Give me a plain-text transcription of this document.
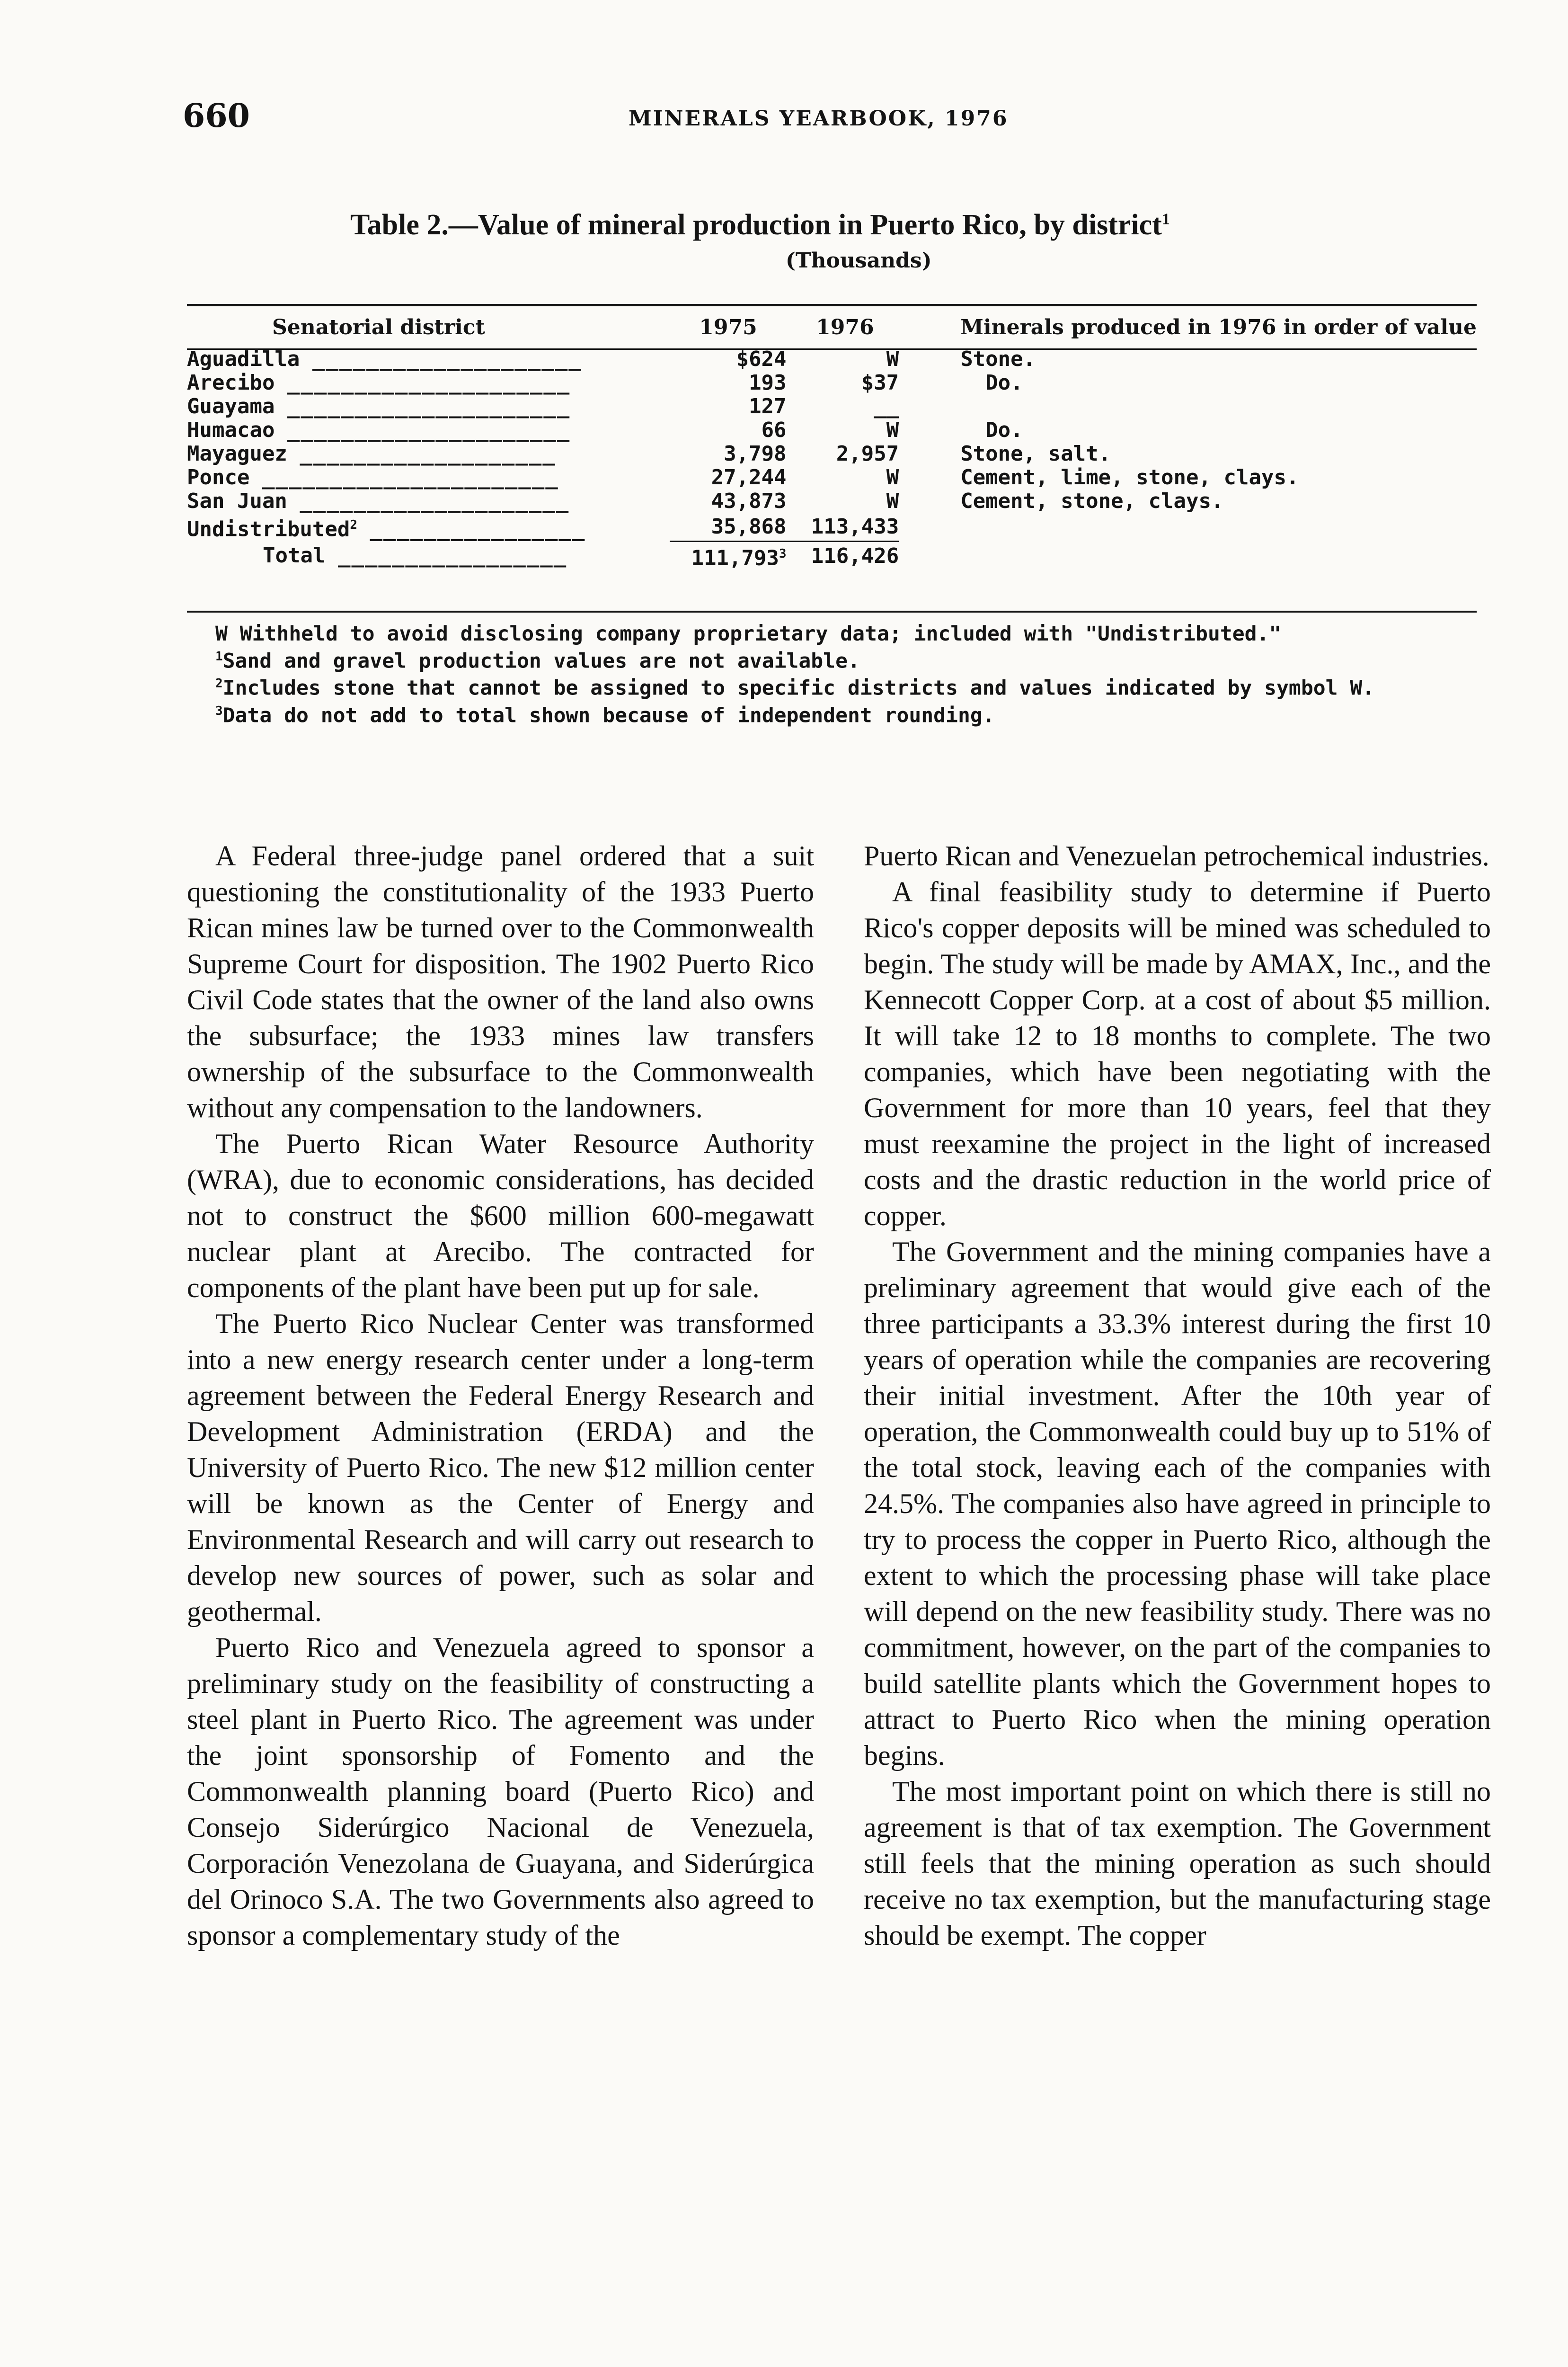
660	MINERALS YEARBOOK, 1976
Table 2.—Value of mineral production in Puerto Rico, by district$^1$
(Thousands)
Senatorial district	1975	1976	Minerals produced in 1976 in order of value
Aguadilla ____________________	$624	W	Stone.
Arecibo _____________________	193	$37	Do.
Guayama _____________________	127	__	
Humacao _____________________	66	W	Do.
Mayaguez ___________________	3,798	2,957	Stone, salt.
Ponce ______________________	27,244	W	Cement, lime, stone, clays.
San Juan ____________________	43,873	W	Cement, stone, clays.
Undistributed$^2$ ________________	35,868	113,433	
Total _________________	111,793$^3$	116,426	
W Withheld to avoid disclosing company proprietary data; included with "Undistributed."
$^1$Sand and gravel production values are not available.
$^2$Includes stone that cannot be assigned to specific districts and values indicated by symbol W.
$^3$Data do not add to total shown because of independent rounding.

A Federal three-judge panel ordered that a suit questioning the constitutionality of the 1933 Puerto Rican mines law be turned over to the Commonwealth Supreme Court for disposition. The 1902 Puerto Rico Civil Code states that the owner of the land also owns the subsurface; the 1933 mines law transfers ownership of the subsurface to the Commonwealth without any compensation to the landowners.

The Puerto Rican Water Resource Authority (WRA), due to economic considerations, has decided not to construct the $600 million 600-megawatt nuclear plant at Arecibo. The contracted for components of the plant have been put up for sale.

The Puerto Rico Nuclear Center was transformed into a new energy research center under a long-term agreement between the Federal Energy Research and Development Administration (ERDA) and the University of Puerto Rico. The new $12 million center will be known as the Center of Energy and Environmental Research and will carry out research to develop new sources of power, such as solar and geothermal.

Puerto Rico and Venezuela agreed to sponsor a preliminary study on the feasibility of constructing a steel plant in Puerto Rico. The agreement was under the joint sponsorship of Fomento and the Commonwealth planning board (Puerto Rico) and Consejo Siderúrgico Nacional de Venezuela, Corporación Venezolana de Guayana, and Siderúrgica del Orinoco S.A. The two Governments also agreed to sponsor a complementary study of the

Puerto Rican and Venezuelan petrochemical industries.

A final feasibility study to determine if Puerto Rico's copper deposits will be mined was scheduled to begin. The study will be made by AMAX, Inc., and the Kennecott Copper Corp. at a cost of about $5 million. It will take 12 to 18 months to complete. The two companies, which have been negotiating with the Government for more than 10 years, feel that they must reexamine the project in the light of increased costs and the drastic reduction in the world price of copper.

The Government and the mining companies have a preliminary agreement that would give each of the three participants a 33.3% interest during the first 10 years of operation while the companies are recovering their initial investment. After the 10th year of operation, the Commonwealth could buy up to 51% of the total stock, leaving each of the companies with 24.5%. The companies also have agreed in principle to try to process the copper in Puerto Rico, although the extent to which the processing phase will take place will depend on the new feasibility study. There was no commitment, however, on the part of the companies to build satellite plants which the Government hopes to attract to Puerto Rico when the mining operation begins.

The most important point on which there is still no agreement is that of tax exemption. The Government still feels that the mining operation as such should receive no tax exemption, but the manufacturing stage should be exempt. The copper
